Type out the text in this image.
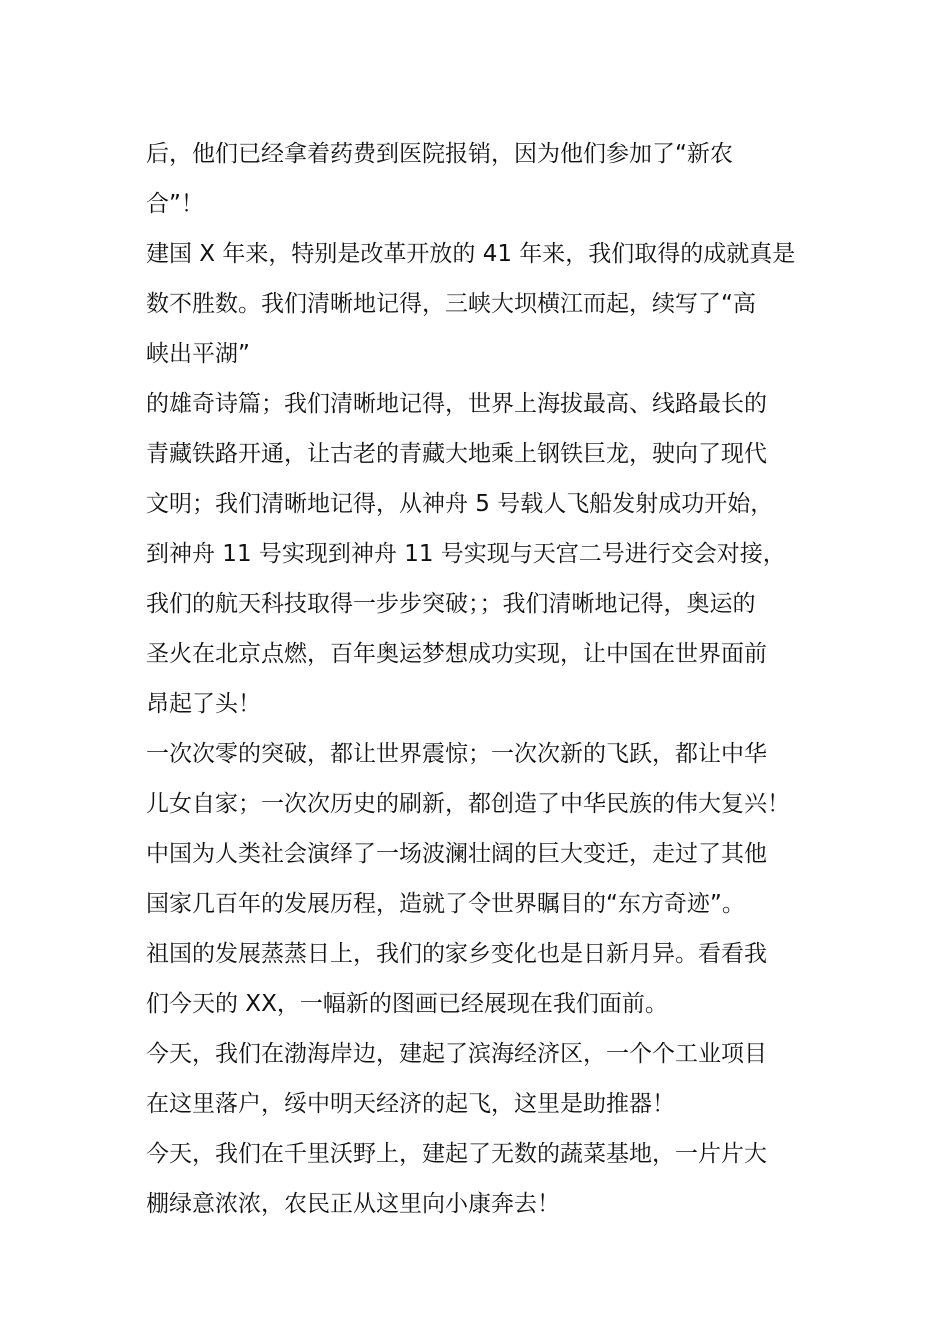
后，他们已经拿着药费到医院报销，因为他们参加了“新农
合”！
建国 X 年来，特别是改革开放的 41 年来，我们取得的成就真是
数不胜数。我们清晰地记得，三峡大坝横江而起，续写了“高
峡出平湖”
的雄奇诗篇；我们清晰地记得，世界上海拔最高、线路最长的
青藏铁路开通，让古老的青藏大地乘上钢铁巨龙，驶向了现代
文明；我们清晰地记得，从神舟 5 号载人飞船发射成功开始，
到神舟 11 号实现到神舟 11 号实现与天宫二号进行交会对接，
我们的航天科技取得一步步突破；；我们清晰地记得，奥运的
圣火在北京点燃，百年奥运梦想成功实现，让中国在世界面前
昂起了头！
一次次零的突破，都让世界震惊；一次次新的飞跃，都让中华
儿女自家；一次次历史的刷新，都创造了中华民族的伟大复兴！
中国为人类社会演绎了一场波澜壮阔的巨大变迁，走过了其他
国家几百年的发展历程，造就了令世界瞩目的“东方奇迹”。
祖国的发展蒸蒸日上，我们的家乡变化也是日新月异。看看我
们今天的 XX，一幅新的图画已经展现在我们面前。
今天，我们在渤海岸边，建起了滨海经济区，一个个工业项目
在这里落户，绥中明天经济的起飞，这里是助推器！
今天，我们在千里沃野上，建起了无数的蔬菜基地，一片片大
棚绿意浓浓，农民正从这里向小康奔去！
